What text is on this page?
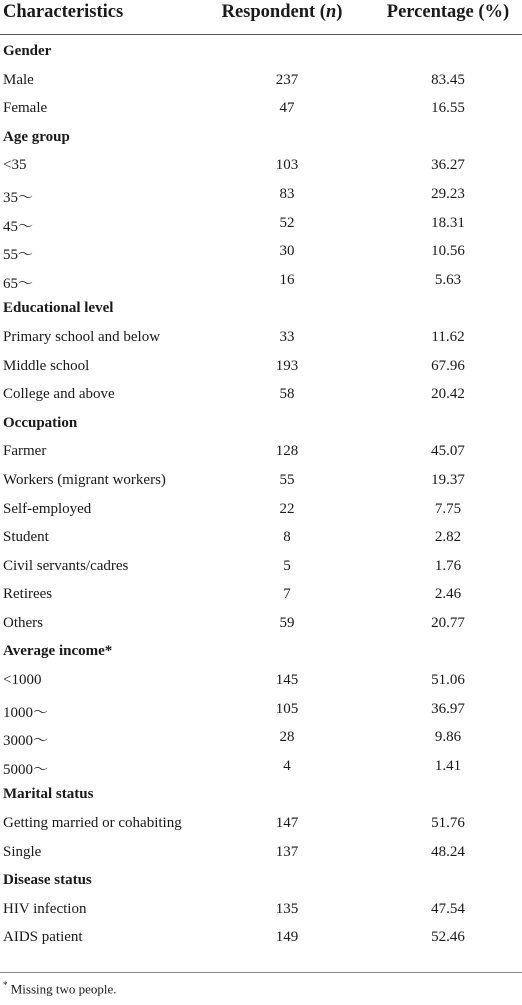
Characteristics	Respondent (n)	Percentage (%)
Gender
Male	237	83.45
Female	47	16.55
Age group
<35	103	36.27
35～	83	29.23
45～	52	18.31
55～	30	10.56
65～	16	5.63
Educational level
Primary school and below	33	11.62
Middle school	193	67.96
College and above	58	20.42
Occupation
Farmer	128	45.07
Workers (migrant workers)	55	19.37
Self-employed	22	7.75
Student	8	2.82
Civil servants/cadres	5	1.76
Retirees	7	2.46
Others	59	20.77
Average income*
<1000	145	51.06
1000～	105	36.97
3000～	28	9.86
5000～	4	1.41
Marital status
Getting married or cohabiting	147	51.76
Single	137	48.24
Disease status
HIV infection	135	47.54
AIDS patient	149	52.46
* Missing two people.
